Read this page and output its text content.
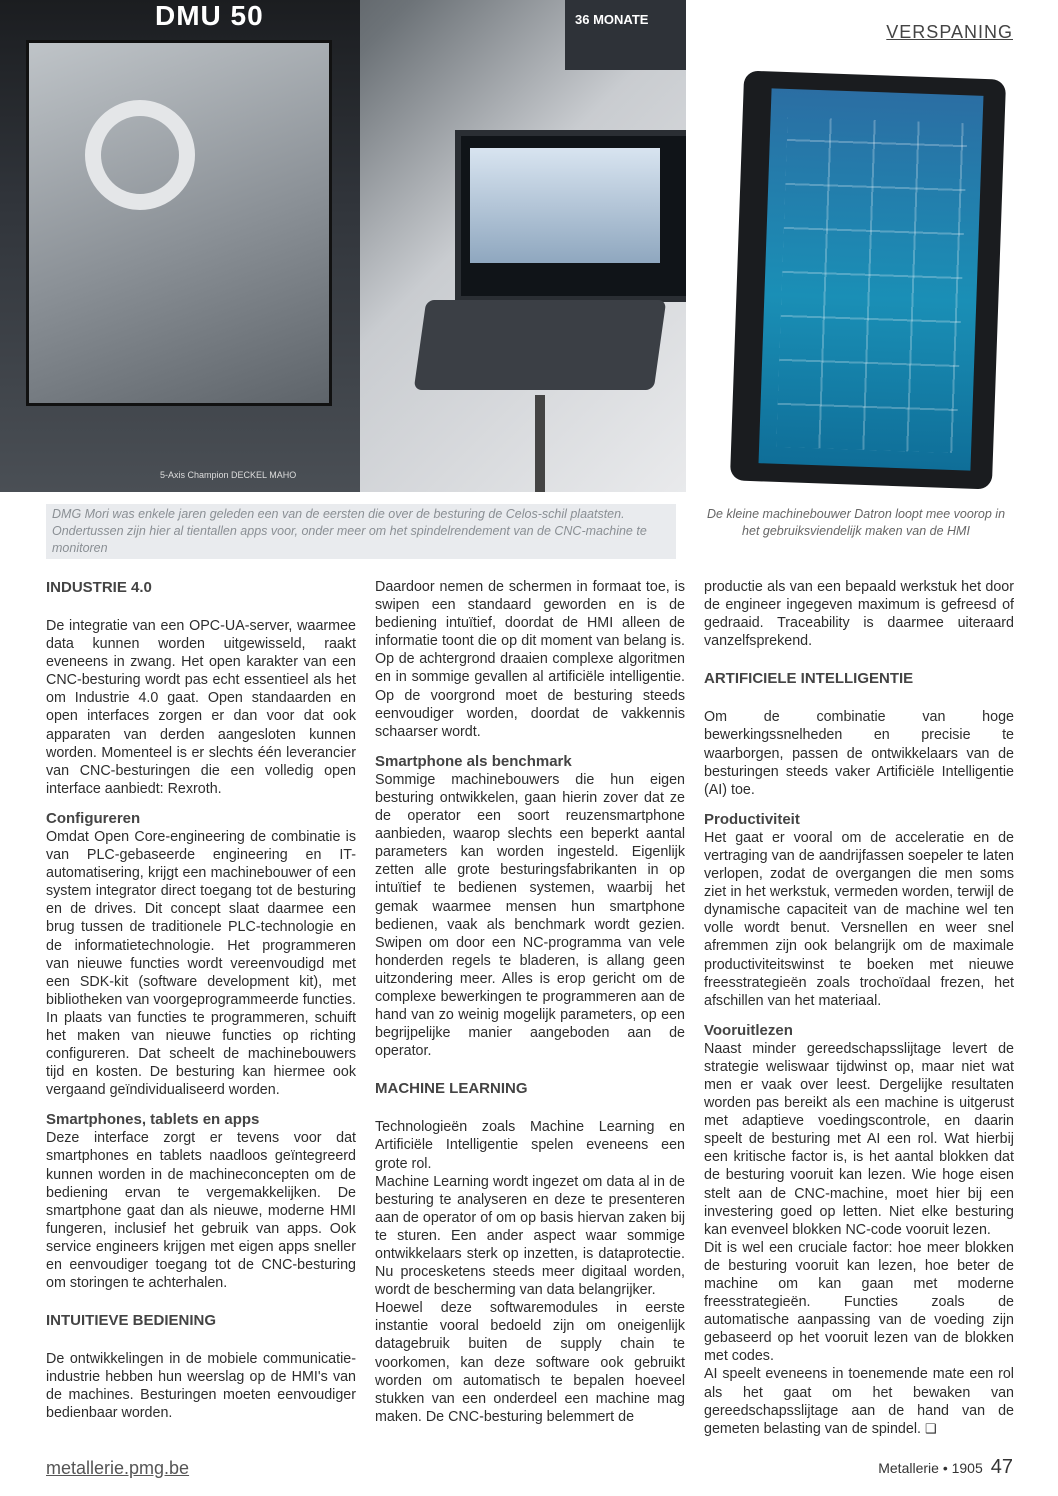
DMU 50
5-Axis Champion DECKEL MAHO
36 MONATE
VERSPANING
DMG Mori was enkele jaren geleden een van de eersten die over de besturing de Celos-schil plaatsten. Ondertussen zijn hier al tientallen apps voor, onder meer om het spindelrendement van de CNC-machine te monitoren
De kleine machinebouwer Datron loopt mee voorop in het gebruiksviendelijk maken van de HMI
INDUSTRIE 4.0

De integratie van een OPC-UA-server, waarmee data kunnen worden uitgewisseld, raakt eveneens in zwang. Het open karakter van een CNC-besturing wordt pas echt essentieel als het om Industrie 4.0 gaat. Open standaarden en open interfaces zorgen er dan voor dat ook apparaten van derden aangesloten kunnen worden. Momenteel is er slechts één leverancier van CNC-besturingen die een volledig open interface aanbiedt: Rexroth.

Configureren

Omdat Open Core-engineering de combinatie is van PLC-gebaseerde engineering en IT-automatisering, krijgt een machinebouwer of een system integrator direct toegang tot de besturing en de drives. Dit concept slaat daarmee een brug tussen de traditionele PLC-technologie en de informatietechnologie. Het programmeren van nieuwe functies wordt vereenvoudigd met een SDK-kit (software development kit), met bibliotheken van voorgeprogrammeerde functies. In plaats van functies te programmeren, schuift het maken van nieuwe functies op richting configureren. Dat scheelt de machinebouwers tijd en kosten. De besturing kan hiermee ook vergaand geïndividualiseerd worden.

Smartphones, tablets en apps

Deze interface zorgt er tevens voor dat smartphones en tablets naadloos geïntegreerd kunnen worden in de machineconcepten om de bediening ervan te vergemakkelijken. De smartphone gaat dan als nieuwe, moderne HMI fungeren, inclusief het gebruik van apps. Ook service engineers krijgen met eigen apps sneller en eenvoudiger toegang tot de CNC-besturing om storingen te achterhalen.

INTUITIEVE BEDIENING

De ontwikkelingen in de mobiele communicatie-industrie hebben hun weerslag op de HMI's van de machines. Besturingen moeten eenvoudiger bedienbaar worden.

Daardoor nemen de schermen in formaat toe, is swipen een standaard geworden en is de bediening intuïtief, doordat de HMI alleen de informatie toont die op dit moment van belang is. Op de achtergrond draaien complexe algoritmen en in sommige gevallen al artificiële intelligentie. Op de voorgrond moet de besturing steeds eenvoudiger worden, doordat de vakkennis schaarser wordt.

Smartphone als benchmark

Sommige machinebouwers die hun eigen besturing ontwikkelen, gaan hierin zover dat ze de operator een soort reuzensmartphone aanbieden, waarop slechts een beperkt aantal parameters kan worden ingesteld. Eigenlijk zetten alle grote besturingsfabrikanten in op intuïtief te bedienen systemen, waarbij het gemak waarmee mensen hun smartphone bedienen, vaak als benchmark wordt gezien. Swipen om door een NC-programma van vele honderden regels te bladeren, is allang geen uitzondering meer. Alles is erop gericht om de complexe bewerkingen te programmeren aan de hand van zo weinig mogelijk parameters, op een begrijpelijke manier aangeboden aan de operator.

MACHINE LEARNING

Technologieën zoals Machine Learning en Artificiële Intelligentie spelen eveneens een grote rol.

Machine Learning wordt ingezet om data al in de besturing te analyseren en deze te presenteren aan de operator of om op basis hiervan zaken bij te sturen. Een ander aspect waar sommige ontwikkelaars sterk op inzetten, is dataprotectie. Nu procesketens steeds meer digitaal worden, wordt de bescherming van data belangrijker.

Hoewel deze softwaremodules in eerste instantie vooral bedoeld zijn om oneigenlijk datagebruik buiten de supply chain te voorkomen, kan deze software ook gebruikt worden om automatisch te bepalen hoeveel stukken van een onderdeel een machine mag maken. De CNC-besturing belemmert de

productie als van een bepaald werkstuk het door de engineer ingegeven maximum is gefreesd of gedraaid. Traceability is daarmee uiteraard vanzelfsprekend.

ARTIFICIELE INTELLIGENTIE

Om de combinatie van hoge bewerkingssnelheden en precisie te waarborgen, passen de ontwikkelaars van de besturingen steeds vaker Artificiële Intelligentie (AI) toe.

Productiviteit

Het gaat er vooral om de acceleratie en de vertraging van de aandrijfassen soepeler te laten verlopen, zodat de overgangen die men soms ziet in het werkstuk, vermeden worden, terwijl de dynamische capaciteit van de machine wel ten volle wordt benut. Versnellen en weer snel afremmen zijn ook belangrijk om de maximale productiviteitswinst te boeken met nieuwe freesstrategieën zoals trochoïdaal frezen, het afschillen van het materiaal.

Vooruitlezen

Naast minder gereedschapsslijtage levert de strategie weliswaar tijdwinst op, maar niet wat men er vaak over leest. Dergelijke resultaten worden pas bereikt als een machine is uitgerust met adaptieve voedingscontrole, en daarin speelt de besturing met AI een rol. Wat hierbij een kritische factor is, is het aantal blokken dat de besturing vooruit kan lezen. Wie hoge eisen stelt aan de CNC-machine, moet hier bij een investering goed op letten. Niet elke besturing kan evenveel blokken NC-code vooruit lezen.

Dit is wel een cruciale factor: hoe meer blokken de besturing vooruit kan lezen, hoe beter de machine om kan gaan met moderne freesstrategieën. Functies zoals de automatische aanpassing van de voeding zijn gebaseerd op het vooruit lezen van de blokken met codes.

AI speelt eveneens in toenemende mate een rol als het gaat om het bewaken van gereedschapsslijtage aan de hand van de gemeten belasting van de spindel. ❑

metallerie.pmg.be	Metallerie • 1905 47
